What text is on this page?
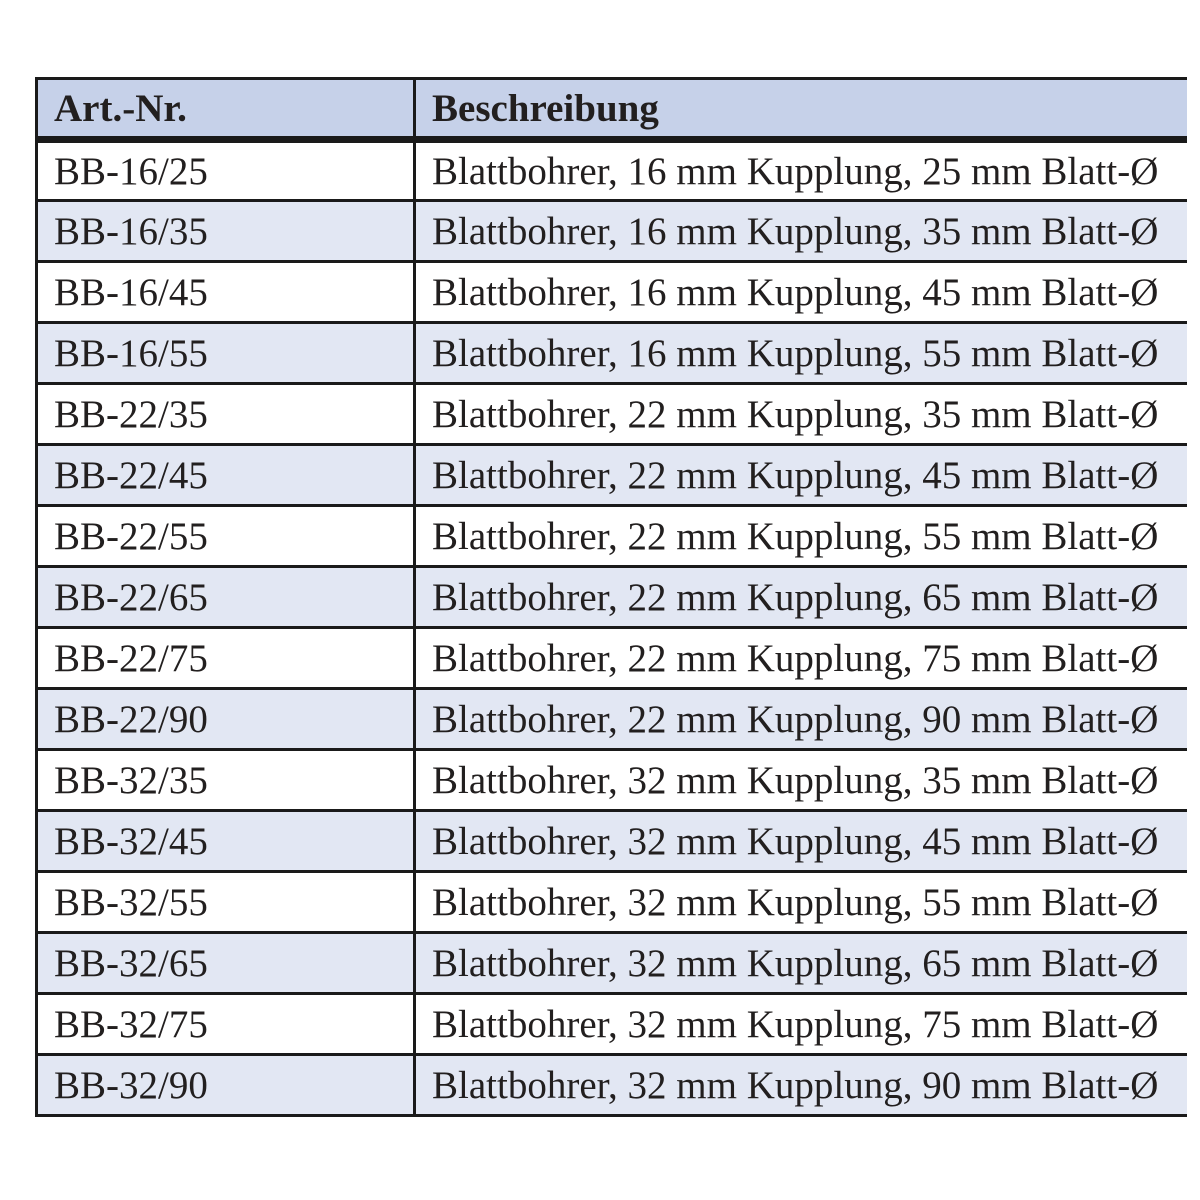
Art.-Nr.	Beschreibung
BB-16/25	Blattbohrer, 16 mm Kupplung, 25 mm Blatt-Ø
BB-16/35	Blattbohrer, 16 mm Kupplung, 35 mm Blatt-Ø
BB-16/45	Blattbohrer, 16 mm Kupplung, 45 mm Blatt-Ø
BB-16/55	Blattbohrer, 16 mm Kupplung, 55 mm Blatt-Ø
BB-22/35	Blattbohrer, 22 mm Kupplung, 35 mm Blatt-Ø
BB-22/45	Blattbohrer, 22 mm Kupplung, 45 mm Blatt-Ø
BB-22/55	Blattbohrer, 22 mm Kupplung, 55 mm Blatt-Ø
BB-22/65	Blattbohrer, 22 mm Kupplung, 65 mm Blatt-Ø
BB-22/75	Blattbohrer, 22 mm Kupplung, 75 mm Blatt-Ø
BB-22/90	Blattbohrer, 22 mm Kupplung, 90 mm Blatt-Ø
BB-32/35	Blattbohrer, 32 mm Kupplung, 35 mm Blatt-Ø
BB-32/45	Blattbohrer, 32 mm Kupplung, 45 mm Blatt-Ø
BB-32/55	Blattbohrer, 32 mm Kupplung, 55 mm Blatt-Ø
BB-32/65	Blattbohrer, 32 mm Kupplung, 65 mm Blatt-Ø
BB-32/75	Blattbohrer, 32 mm Kupplung, 75 mm Blatt-Ø
BB-32/90	Blattbohrer, 32 mm Kupplung, 90 mm Blatt-Ø
